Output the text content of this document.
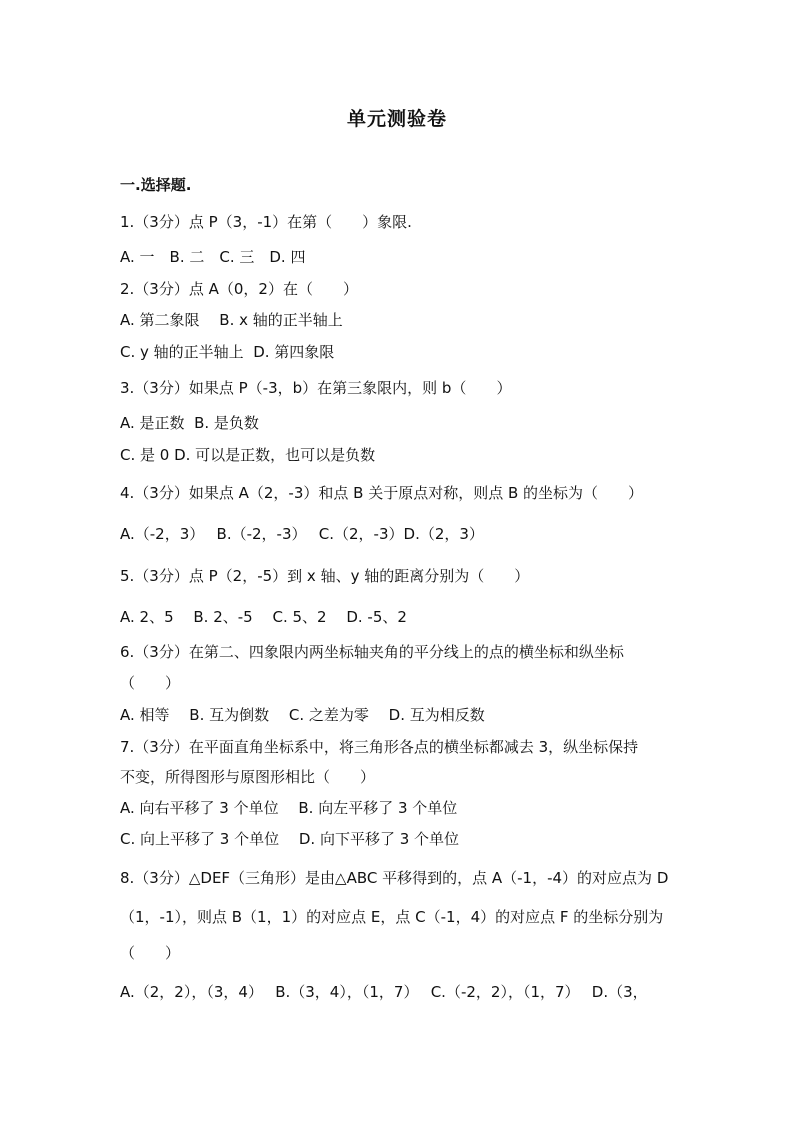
单元测验卷
一.选择题.
1.（3分）点 P（3，-1）在第（　　）象限.
A. 一　B. 二　C. 三　D. 四
2.（3分）点 A（0，2）在（　　）
A. 第二象限　 B. x 轴的正半轴上
C. y 轴的正半轴上  D. 第四象限
3.（3分）如果点 P（-3，b）在第三象限内，则 b（　　）
A. 是正数  B. 是负数
C. 是 0 D. 可以是正数，也可以是负数
4.（3分）如果点 A（2，-3）和点 B 关于原点对称，则点 B 的坐标为（　　）
A.（-2，3）　 B.（-2，-3）　 C.（2，-3）D.（2，3）
5.（3分）点 P（2，-5）到 x 轴、y 轴的距离分别为（　　）
A. 2、5　 B. 2、-5　 C. 5、2　 D. -5、2
6.（3分）在第二、四象限内两坐标轴夹角的平分线上的点的横坐标和纵坐标
（　　）
A. 相等　 B. 互为倒数　 C. 之差为零　 D. 互为相反数
7.（3分）在平面直角坐标系中，将三角形各点的横坐标都减去 3，纵坐标保持
不变，所得图形与原图形相比（　　）
A. 向右平移了 3 个单位　 B. 向左平移了 3 个单位
C. 向上平移了 3 个单位　 D. 向下平移了 3 个单位
8.（3分）△DEF（三角形）是由△ABC 平移得到的，点 A（-1，-4）的对应点为 D
（1，-1），则点 B（1，1）的对应点 E，点 C（-1，4）的对应点 F 的坐标分别为
（　　）
A.（2，2），（3，4）　 B.（3，4），（1，7）　 C.（-2，2），（1，7）　 D.（3，
